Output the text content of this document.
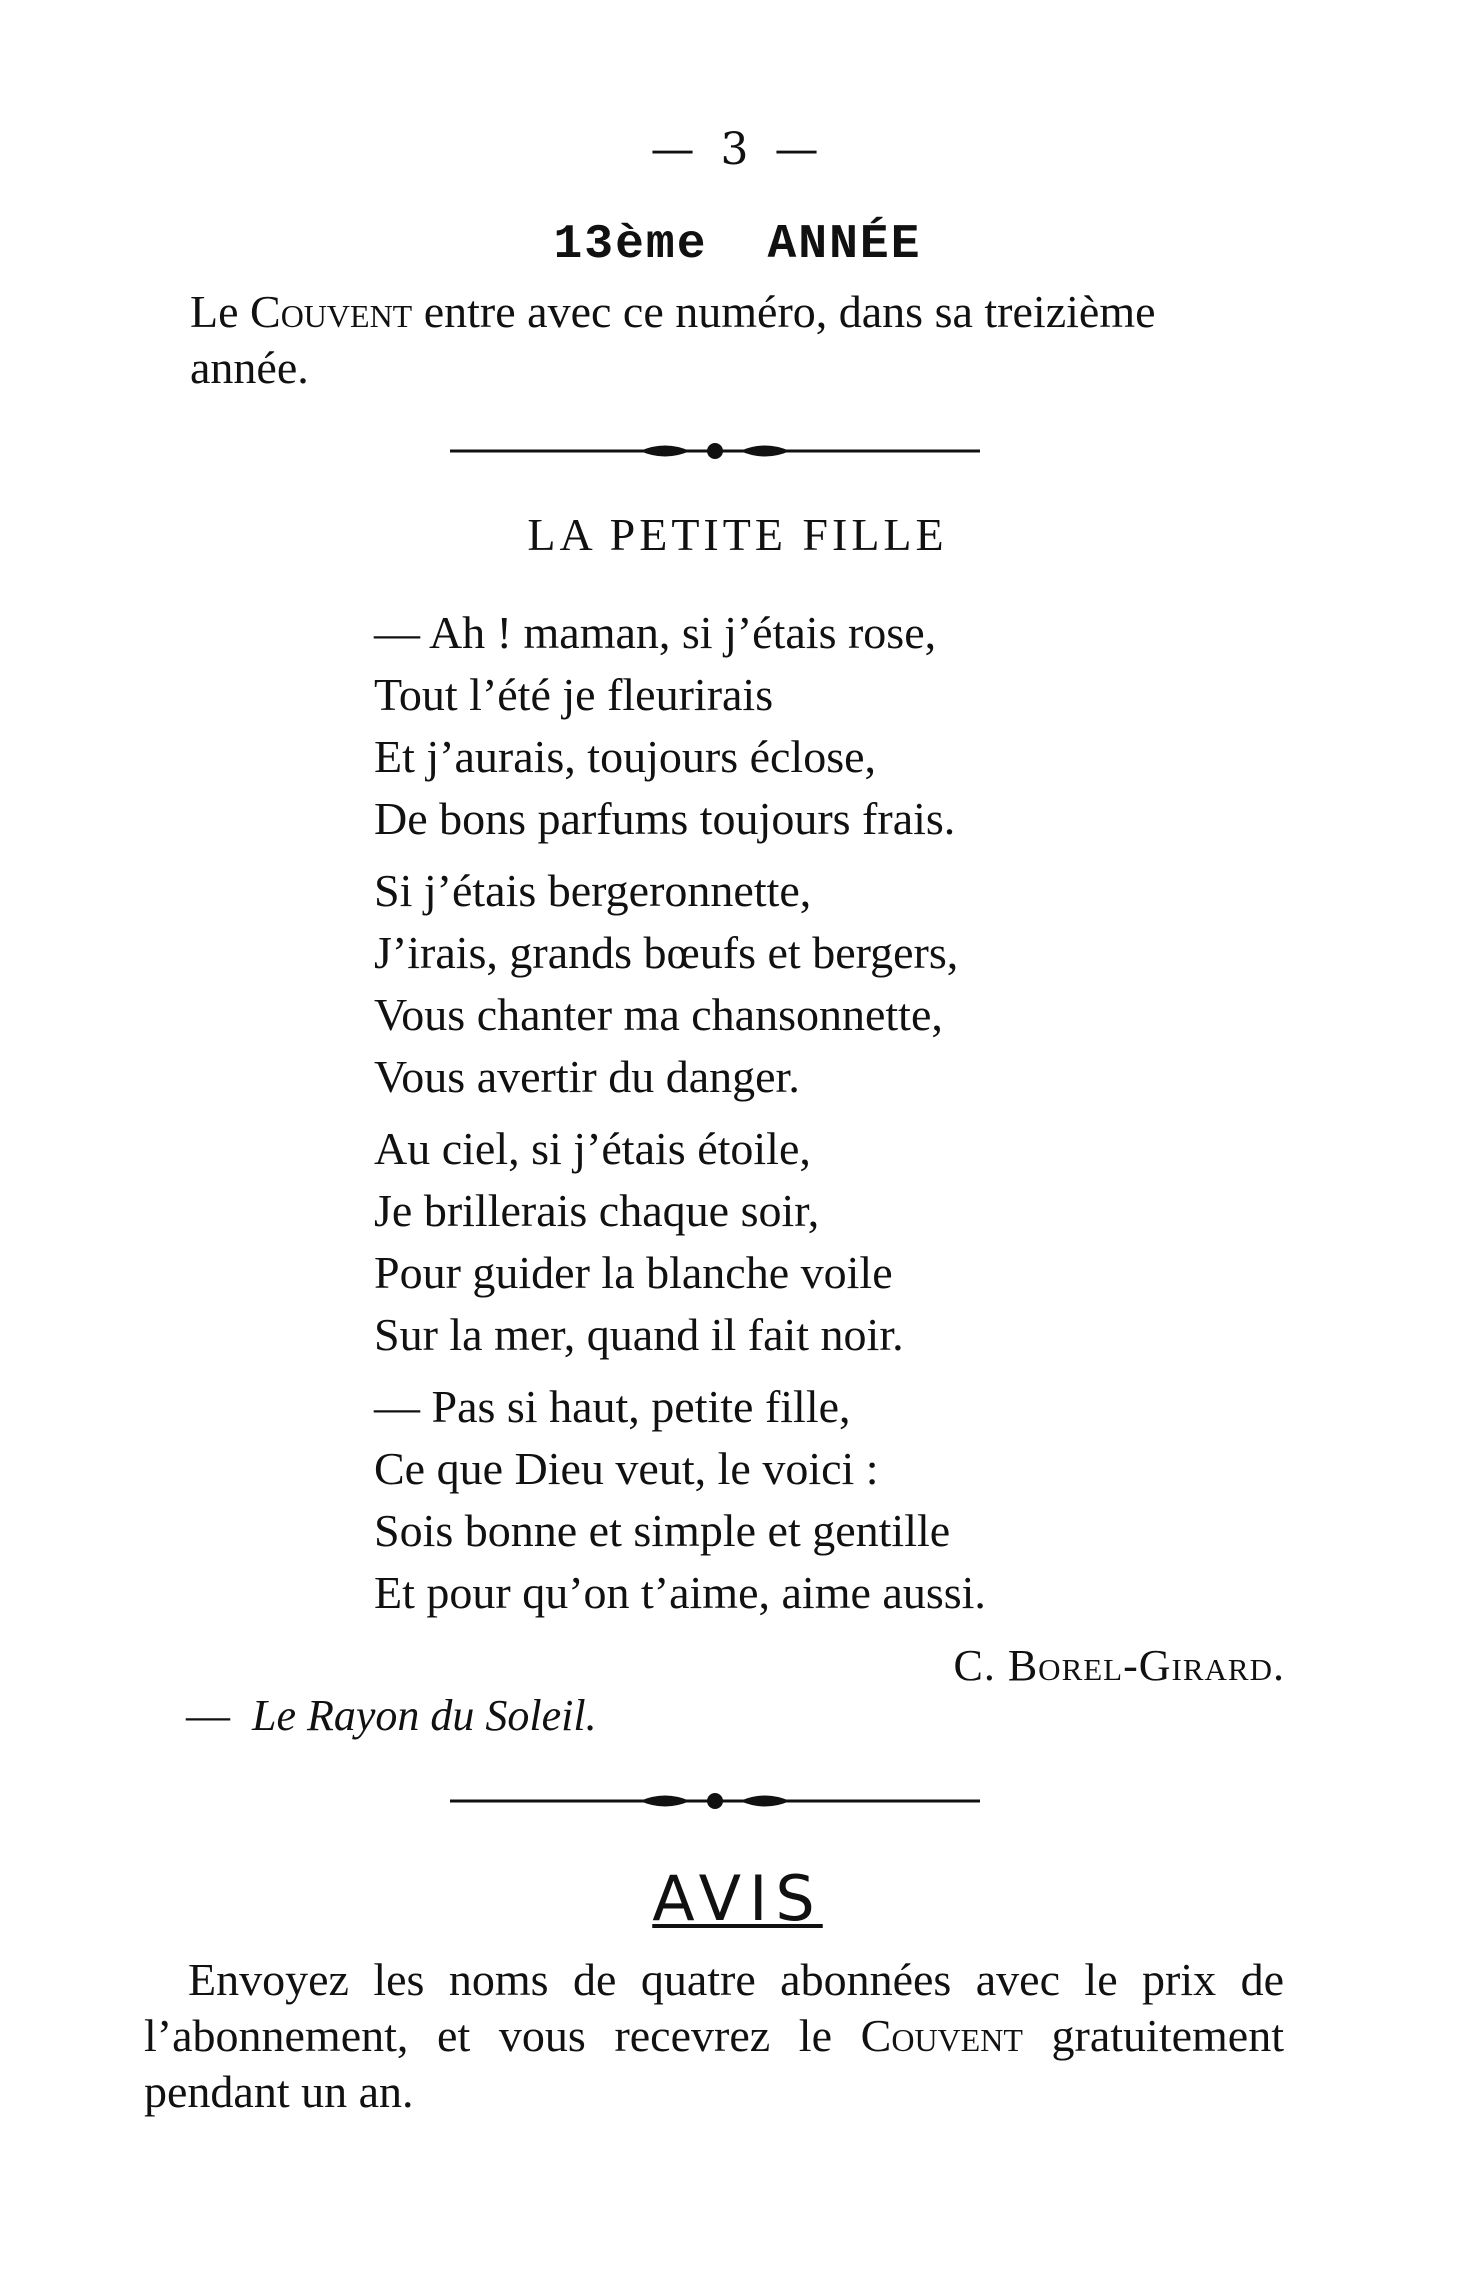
— 3 —
13ème ANNÉE

Le Couvent entre avec ce numéro, dans sa treizième année.

LA PETITE FILLE
— Ah ! maman, si j’étais rose,
Tout l’été je fleurirais
Et j’aurais, toujours éclose,
De bons parfums toujours frais.
Si j’étais bergeronnette,
J’irais, grands bœufs et bergers,
Vous chanter ma chansonnette,
Vous avertir du danger.
Au ciel, si j’étais étoile,
Je brillerais chaque soir,
Pour guider la blanche voile
Sur la mer, quand il fait noir.
— Pas si haut, petite fille,
Ce que Dieu veut, le voici :
Sois bonne et simple et gentille
Et pour qu’on t’aime, aime aussi.
C. Borel-Girard.
— Le Rayon du Soleil.
AVIS

Envoyez les noms de quatre abonnées avec le prix de l’abonnement, et vous recevrez le Couvent gratuitement pendant un an.
